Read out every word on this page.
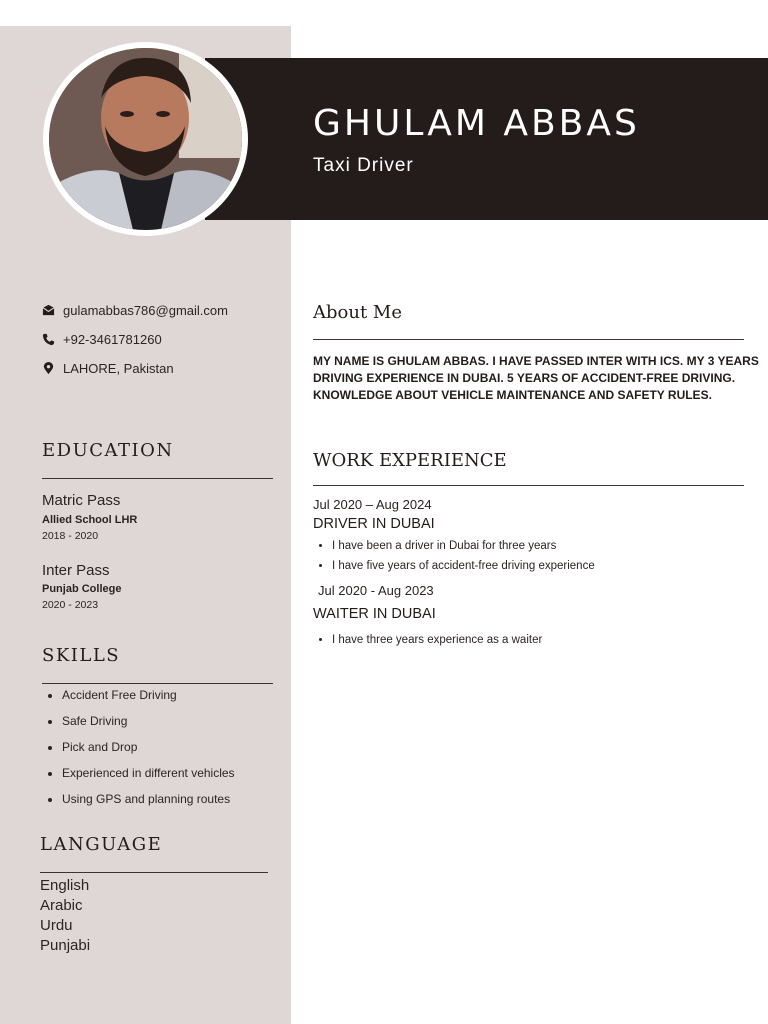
GHULAM ABBAS
Taxi Driver
gulamabbas786@gmail.com
+92-3461781260
LAHORE, Pakistan
EDUCATION
Matric Pass
Allied School LHR
2018 - 2020
Inter Pass
Punjab College
2020 - 2023
SKILLS
• Accident Free Driving
• Safe Driving
• Pick and Drop
• Experienced in different vehicles
• Using GPS and planning routes
LANGUAGE
English
Arabic
Urdu
Punjabi
About Me

MY NAME IS GHULAM ABBAS. I HAVE PASSED INTER WITH ICS. MY 3 YEARS DRIVING EXPERIENCE IN DUBAI. 5 YEARS OF ACCIDENT-FREE DRIVING. KNOWLEDGE ABOUT VEHICLE MAINTENANCE AND SAFETY RULES.

WORK EXPERIENCE
Jul 2020 – Aug 2024
DRIVER IN DUBAI
• I have been a driver in Dubai for three years
• I have five years of accident-free driving experience
Jul 2020 - Aug 2023
WAITER IN DUBAI
• I have three years experience as a waiter
